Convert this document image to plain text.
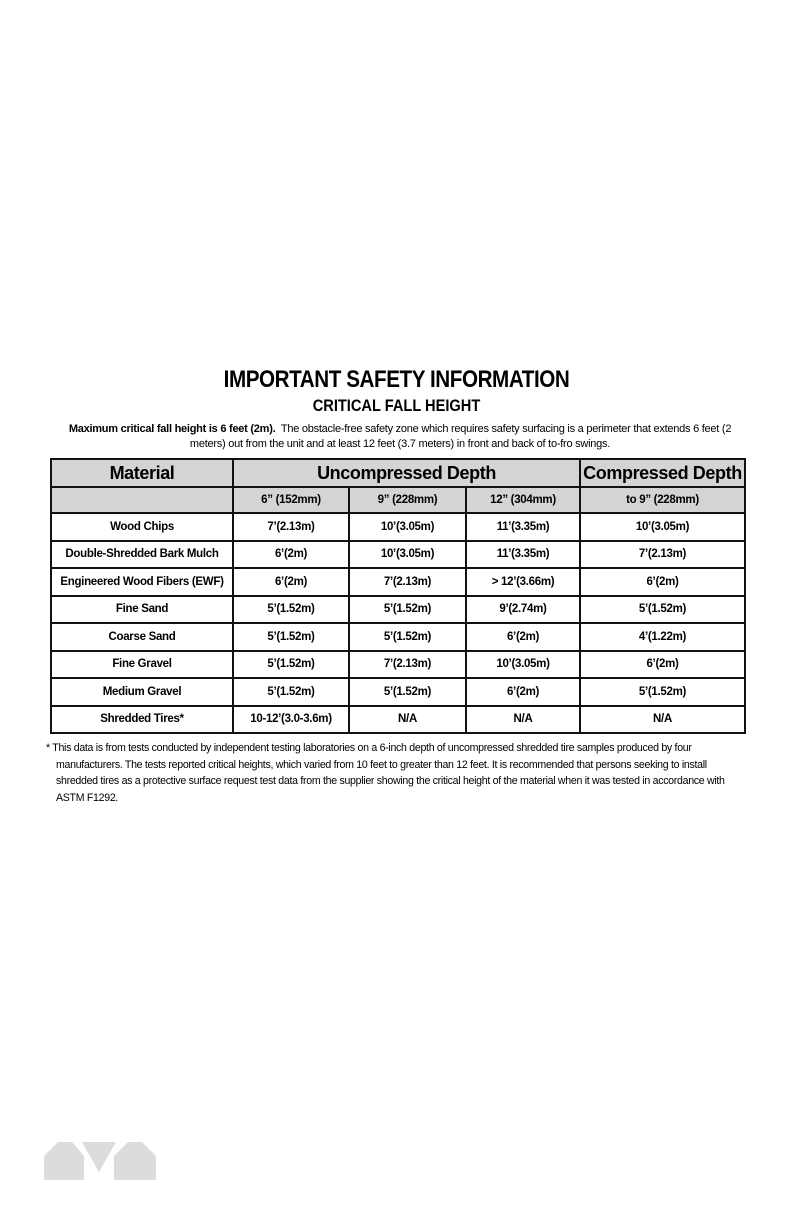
IMPORTANT SAFETY INFORMATION
CRITICAL FALL HEIGHT
Maximum critical fall height is 6 feet (2m). The obstacle-free safety zone which requires safety surfacing is a perimeter that extends 6 feet (2 meters) out from the unit and at least 12 feet (3.7 meters) in front and back of to-fro swings.
Material	Uncompressed Depth			Compressed Depth
	6” (152mm)	9” (228mm)	12” (304mm)	to 9” (228mm)
Wood Chips	7’(2.13m)	10’(3.05m)	11’(3.35m)	10’(3.05m)
Double-Shredded Bark Mulch	6’(2m)	10’(3.05m)	11’(3.35m)	7’(2.13m)
Engineered Wood Fibers (EWF)	6’(2m)	7’(2.13m)	> 12’(3.66m)	6’(2m)
Fine Sand	5’(1.52m)	5’(1.52m)	9’(2.74m)	5’(1.52m)
Coarse Sand	5’(1.52m)	5’(1.52m)	6’(2m)	4’(1.22m)
Fine Gravel	5’(1.52m)	7’(2.13m)	10’(3.05m)	6’(2m)
Medium Gravel	5’(1.52m)	5’(1.52m)	6’(2m)	5’(1.52m)
Shredded Tires*	10-12’(3.0-3.6m)	N/A	N/A	N/A
* This data is from tests conducted by independent testing laboratories on a 6-inch depth of uncompressed shredded tire samples produced by four manufacturers. The tests reported critical heights, which varied from 10 feet to greater than 12 feet. It is recommended that persons seeking to install shredded tires as a protective surface request test data from the supplier showing the critical height of the material when it was tested in accordance with ASTM F1292.
